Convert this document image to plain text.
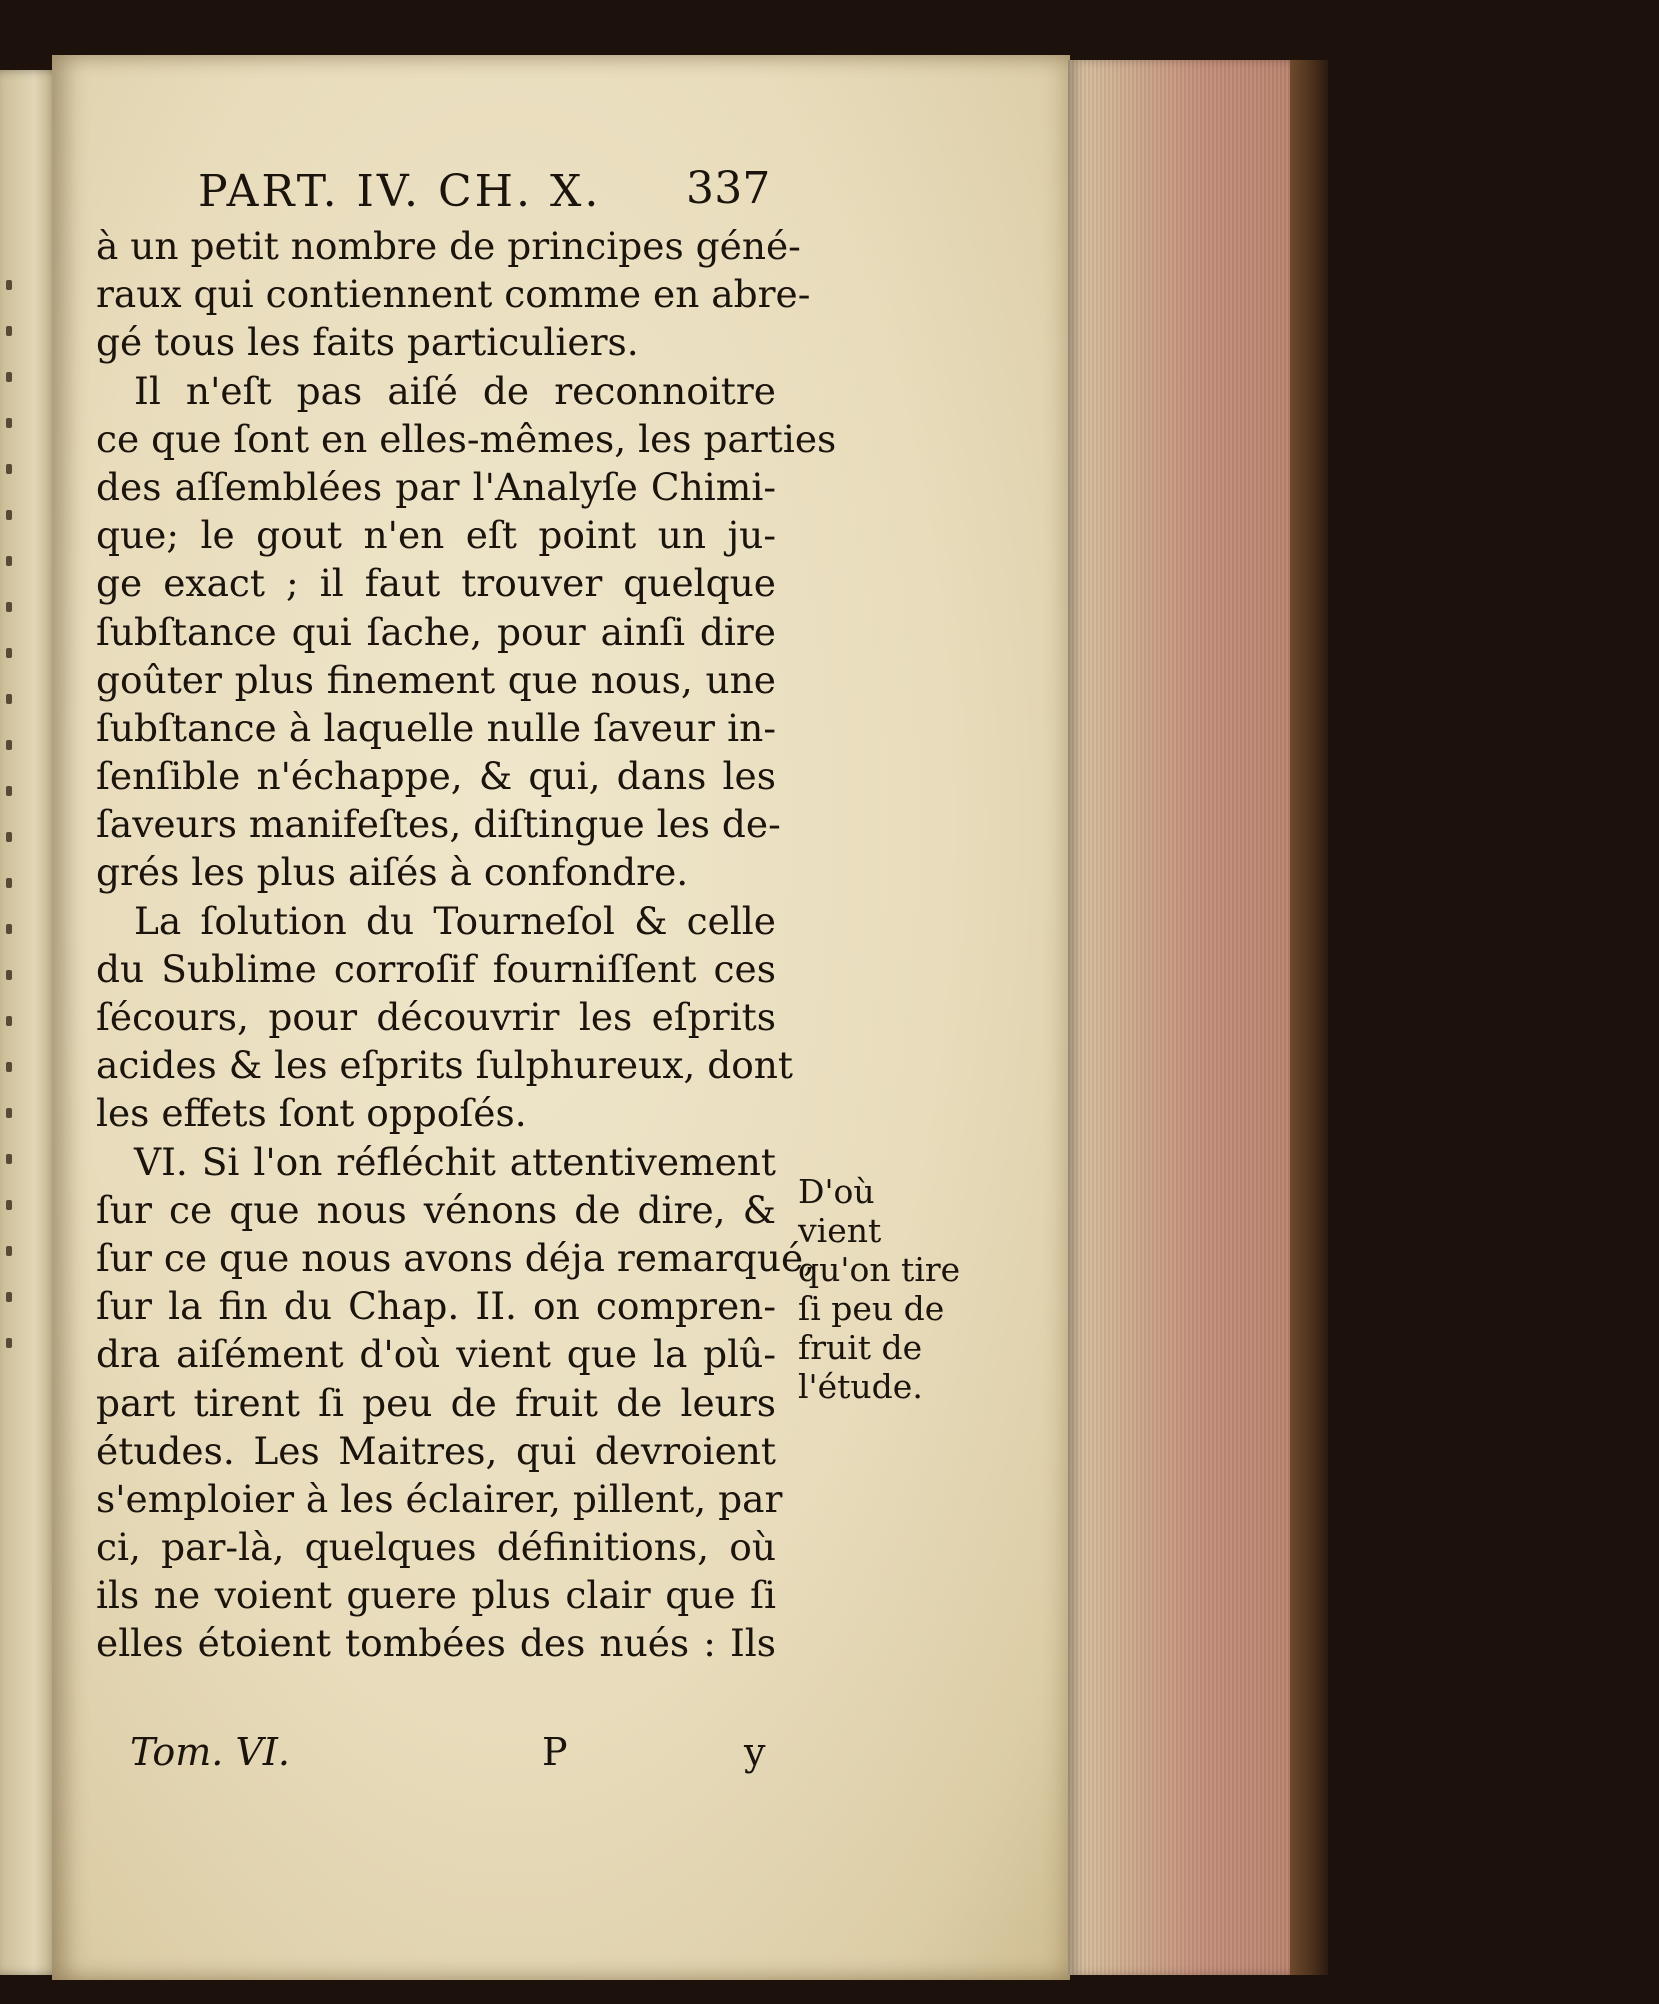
PART. IV. CH. X. 337
à un petit nombre de principes géné-
raux qui contiennent comme en abre-
gé tous les faits particuliers.
Il n'eſt pas aiſé de reconnoitre
ce que ſont en elles-mêmes, les parties
des aſſemblées par l'Analyſe Chimi-
que; le gout n'en eſt point un ju-
ge exact ; il faut trouver quelque
ſubſtance qui ſache, pour ainſi dire
goûter plus finement que nous, une
ſubſtance à laquelle nulle ſaveur in-
ſenſible n'échappe, & qui, dans les
ſaveurs manifeſtes, diſtingue les de-
grés les plus aiſés à confondre.
La ſolution du Tourneſol & celle
du Sublime corroſif fourniſſent ces
ſécours, pour découvrir les eſprits
acides & les eſprits ſulphureux, dont
les effets ſont oppoſés.
VI. Si l'on réfléchit attentivement
ſur ce que nous vénons de dire, &
ſur ce que nous avons déja remarqué,
ſur la fin du Chap. II. on compren-
dra aiſément d'où vient que la plû-
part tirent ſi peu de fruit de leurs
études. Les Maitres, qui devroient
s'emploier à les éclairer, pillent, par
ci, par-là, quelques définitions, où
ils ne voient guere plus clair que ſi
elles étoient tombées des nués : Ils
D'où
vient
qu'on tire
ſi peu de
fruit de
l'étude.
Tom. VI.	P	y
